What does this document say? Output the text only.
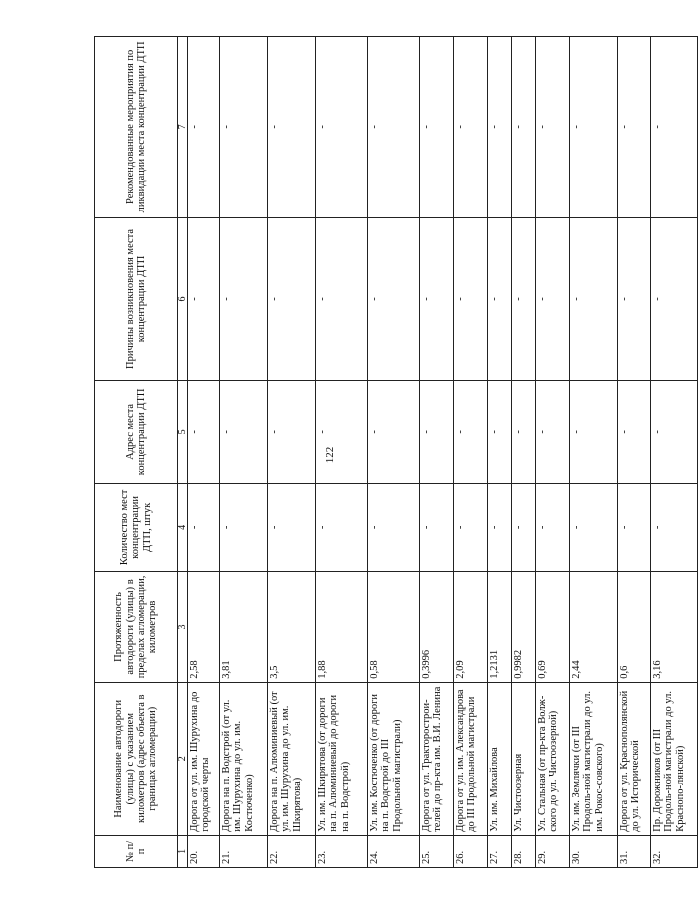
122
№ п/п	Наименование автодороги (улицы) с указанием километров (адрес объекта в границах агломерации)	Протяженность автодороги (улицы) в пределах агломерации, километров	Количество мест концентрации ДТП, штук	Адрес места концентрации ДТП	Причины возникновения места концентрации ДТП	Рекомендованные мероприятия по ликвидации места концентрации ДТП
1	2	3	4	5	6	7
20.	Дорога от ул. им. Шурухина до городской черты	2,58	-	-	-	-
21.	Дорога на п. Водстрой (от ул. им. Шурухина до ул. им. Костюченко)	3,81	-	-	-	-
22.	Дорога на п. Алюминиевый (от ул. им. Шурухина до ул. им. Шкирятова)	3,5	-	-	-	-
23.	Ул. им. Шкирятова (от дороги на п. Алюминиевый до дороги на п. Водстрой)	1,88	-	-	-	-
24.	Ул. им. Костюченко (от дороги на п. Водстрой до III Продольной магистрали)	0,58	-	-	-	-
25.	Дорога от ул. Тракторострои-телей до пр-кта им. В.И. Ленина	0,3996	-	-	-	-
26.	Дорога от ул. им. Александрова до III Продольной магистрали	2,09	-	-	-	-
27.	Ул. им. Михайлова	1,2131	-	-	-	-
28.	Ул. Чистоозерная	0,9982	-	-	-	-
29.	Ул. Стальная (от пр-кта Волж-ского до ул. Чистоозерной)	0,69	-	-	-	-
30.	Ул. им. Землячки (от III Продоль-ной магистрали до ул. им. Рокос-совского)	2,44	-	-	-	-
31.	Дорога от ул. Краснополянской до ул. Исторической	0,6	-	-	-	-
32.	Пр. Дорожников (от III Продоль-ной магистрали до ул. Краснопо-лянской)	3,16	-	-	-	-
